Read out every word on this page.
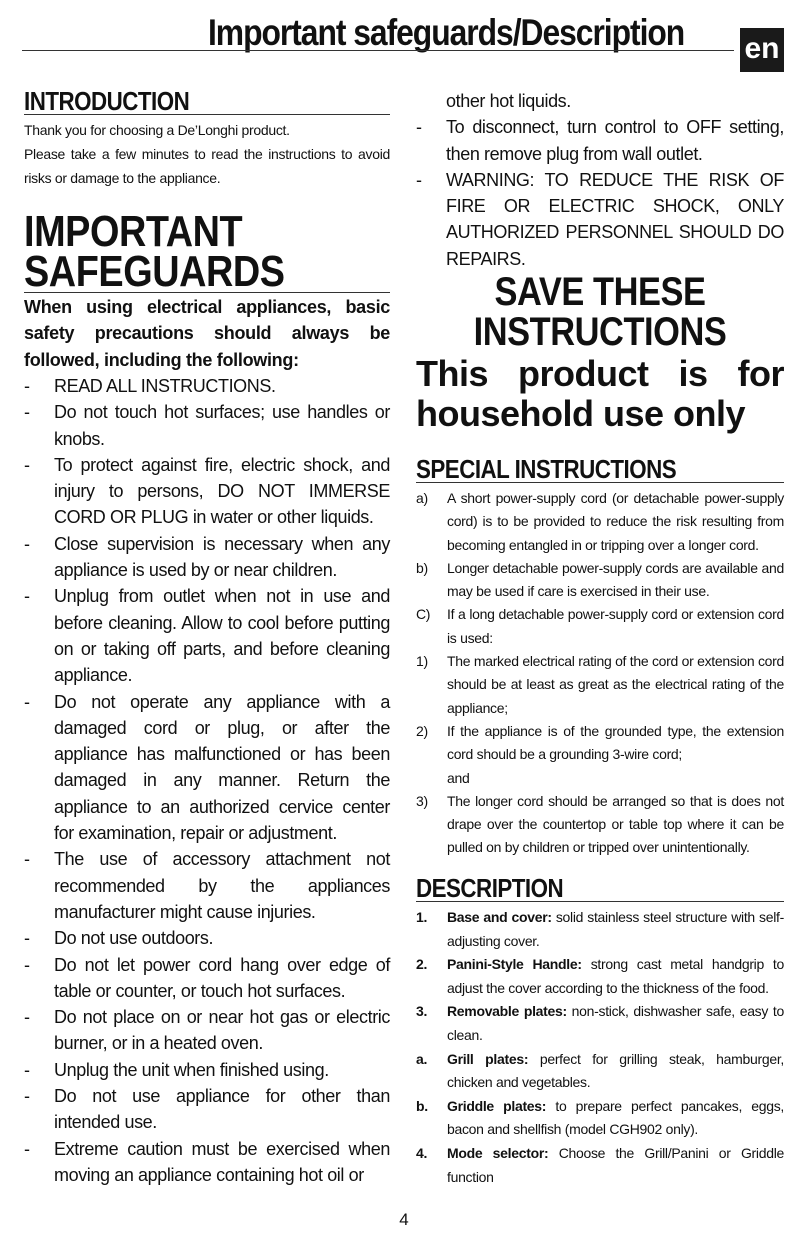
Important safeguards/Description en
INTRODUCTION
Thank you for choosing a De’Longhi product.
Please take a few minutes to read the instructions to avoid risks or damage to the appliance.
IMPORTANT
SAFEGUARDS
When using electrical appliances, basic safety precautions should always be followed, including the following:
-	READ ALL INSTRUCTIONS.
-	Do not touch hot surfaces; use handles or knobs.
-	To protect against fire, electric shock, and injury to persons, DO NOT IMMERSE CORD OR PLUG in water or other liquids.
-	Close supervision is necessary when any appliance is used by or near children.
-	Unplug from outlet when not in use and before cleaning. Allow to cool before putting on or taking off parts, and before cleaning appliance.
-	Do not operate any appliance with a damaged cord or plug, or after the appliance has malfunctioned or has been damaged in any manner. Return the appliance to an authorized cervice center for examination, repair or adjustment.
-	The use of accessory attachment not recommended by the appliances manufacturer might cause injuries.
-	Do not use outdoors.
-	Do not let power cord hang over edge of table or counter, or touch hot surfaces.
-	Do not place on or near hot gas or electric burner, or in a heated oven.
-	Unplug the unit when finished using.
-	Do not use appliance for other than intended use.
-	Extreme caution must be exercised when moving an appliance containing hot oil or
other hot liquids.
-	To disconnect, turn control to OFF setting, then remove plug from wall outlet.
-	WARNING: TO REDUCE THE RISK OF FIRE OR ELECTRIC SHOCK, ONLY AUTHORIZED PERSONNEL SHOULD DO REPAIRS.
SAVE THESE
INSTRUCTIONS
This product is for household use only
SPECIAL INSTRUCTIONS
a)	A short power-supply cord (or detachable power-supply cord) is to be provided to reduce the risk resulting from becoming entangled in or tripping over a longer cord.
b)	Longer detachable power-supply cords are available and may be used if care is exercised in their use.
C)	If a long detachable power-supply cord or extension cord is used:
1)	The marked electrical rating of the cord or extension cord should be at least as great as the electrical rating of the appliance;
2)	If the appliance is of the grounded type, the extension cord should be a grounding 3-wire cord;
and
3)	The longer cord should be arranged so that is does not drape over the countertop or table top where it can be pulled on by children or tripped over unintentionally.
DESCRIPTION
1.	Base and cover: solid stainless steel structure with self-adjusting cover.
2.	Panini-Style Handle: strong cast metal handgrip to adjust the cover according to the thickness of the food.
3.	Removable plates: non-stick, dishwasher safe, easy to clean.
a.	Grill plates: perfect for grilling steak, hamburger, chicken and vegetables.
b.	Griddle plates: to prepare perfect pancakes, eggs, bacon and shellfish (model CGH902 only).
4.	Mode selector: Choose the Grill/Panini or Griddle function
4
